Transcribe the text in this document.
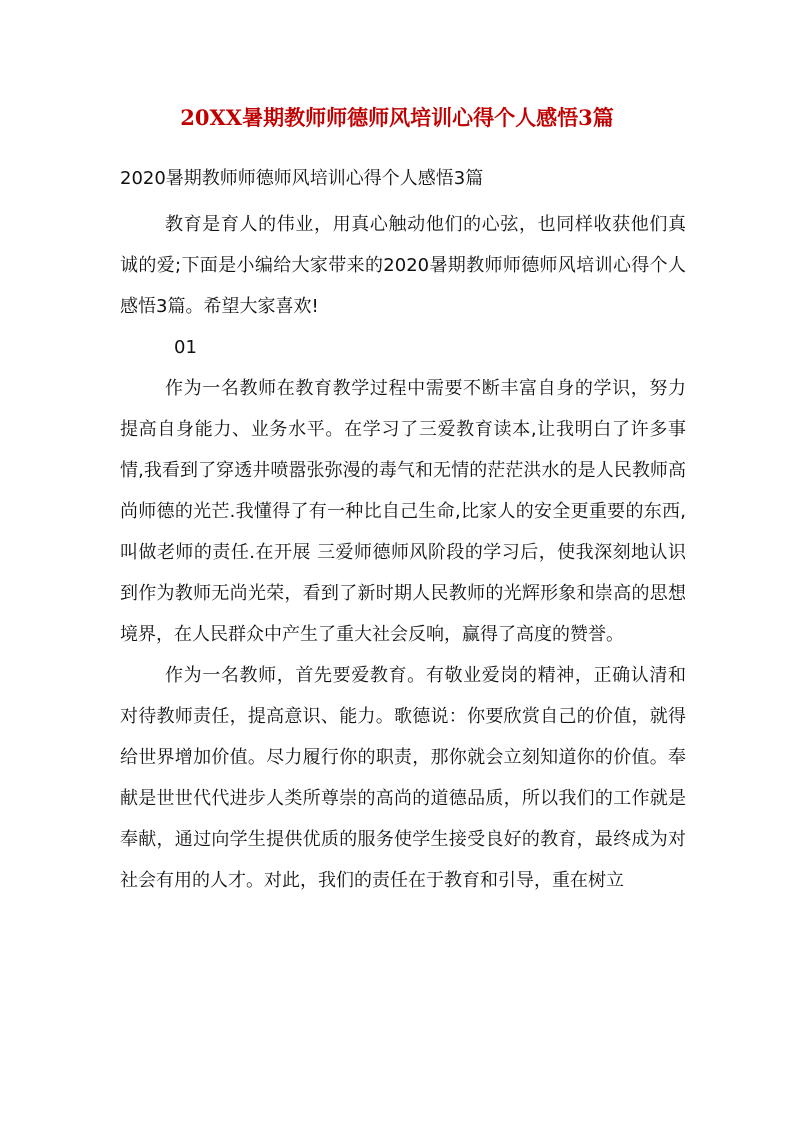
20XX暑期教师师德师风培训心得个人感悟3篇
2020暑期教师师德师风培训心得个人感悟3篇

教育是育人的伟业，用真心触动他们的心弦，也同样收获他们真诚的爱;下面是小编给大家带来的2020暑期教师师德师风培训心得个人感悟3篇。希望大家喜欢!

01

作为一名教师在教育教学过程中需要不断丰富自身的学识，努力提高自身能力、业务水平。在学习了三爱教育读本,让我明白了许多事情,我看到了穿透井喷嚣张弥漫的毒气和无情的茫茫洪水的是人民教师高尚师德的光芒.我懂得了有一种比自己生命,比家人的安全更重要的东西,叫做老师的责任.在开展 三爱师德师风阶段的学习后，使我深刻地认识到作为教师无尚光荣，看到了新时期人民教师的光辉形象和崇高的思想境界，在人民群众中产生了重大社会反响，赢得了高度的赞誉。

作为一名教师，首先要爱教育。有敬业爱岗的精神，正确认清和对待教师责任，提高意识、能力。歌德说：你要欣赏自己的价值，就得给世界增加价值。尽力履行你的职责，那你就会立刻知道你的价值。奉献是世世代代进步人类所尊崇的高尚的道德品质，所以我们的工作就是奉献，通过向学生提供优质的服务使学生接受良好的教育，最终成为对社会有用的人才。对此，我们的责任在于教育和引导，重在树立
